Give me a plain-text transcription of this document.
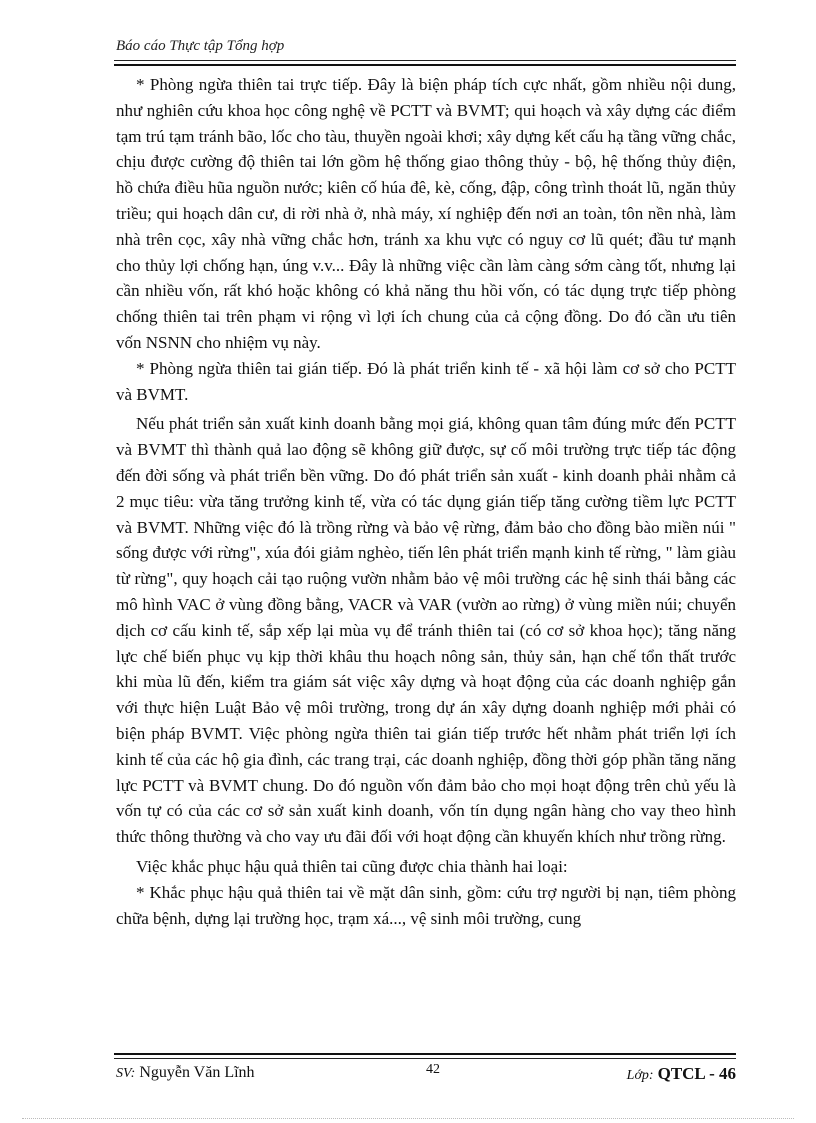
Báo cáo Thực tập Tổng hợp

* Phòng ngừa thiên tai trực tiếp. Đây là biện pháp tích cực nhất, gồm nhiều nội dung, như nghiên cứu khoa học công nghệ về PCTT và BVMT; qui hoạch và xây dựng các điểm tạm trú tạm tránh bão, lốc cho tàu, thuyền ngoài khơi; xây dựng kết cấu hạ tầng vững chắc, chịu được cường độ thiên tai lớn gồm hệ thống giao thông thủy - bộ, hệ thống thủy điện, hồ chứa điều hũa nguồn nước; kiên cố húa đê, kè, cống, đập, công trình thoát lũ, ngăn thủy triều; qui hoạch dân cư, di rời nhà ở, nhà máy, xí nghiệp đến nơi an toàn, tôn nền nhà, làm nhà trên cọc, xây nhà vững chắc hơn, tránh xa khu vực có nguy cơ lũ quét; đầu tư mạnh cho thủy lợi chống hạn, úng v.v... Đây là những việc cần làm càng sớm càng tốt, nhưng lại cần nhiều vốn, rất khó hoặc không có khả năng thu hồi vốn, có tác dụng trực tiếp phòng chống thiên tai trên phạm vi rộng vì lợi ích chung của cả cộng đồng. Do đó cần ưu tiên vốn NSNN cho nhiệm vụ này.

* Phòng ngừa thiên tai gián tiếp. Đó là phát triển kinh tế - xã hội làm cơ sở cho PCTT và BVMT.

Nếu phát triển sản xuất kinh doanh bằng mọi giá, không quan tâm đúng mức đến PCTT và BVMT thì thành quả lao động sẽ không giữ được, sự cố môi trường trực tiếp tác động đến đời sống và phát triển bền vững. Do đó phát triển sản xuất - kinh doanh phải nhằm cả 2 mục tiêu: vừa tăng trưởng kinh tế, vừa có tác dụng gián tiếp tăng cường tiềm lực PCTT và BVMT. Những việc đó là trồng rừng và bảo vệ rừng, đảm bảo cho đồng bào miền núi " sống được với rừng", xúa đói giảm nghèo, tiến lên phát triển mạnh kinh tế rừng, " làm giàu từ rừng", quy hoạch cải tạo ruộng vườn nhằm bảo vệ môi trường các hệ sinh thái bằng các mô hình VAC ở vùng đồng bằng, VACR và VAR (vườn ao rừng) ở vùng miền núi; chuyển dịch cơ cấu kinh tế, sắp xếp lại mùa vụ để tránh thiên tai (có cơ sở khoa học); tăng năng lực chế biến phục vụ kịp thời khâu thu hoạch nông sản, thủy sản, hạn chế tổn thất trước khi mùa lũ đến, kiểm tra giám sát việc xây dựng và hoạt động của các doanh nghiệp gắn với thực hiện Luật Bảo vệ môi trường, trong dự án xây dựng doanh nghiệp mới phải có biện pháp BVMT. Việc phòng ngừa thiên tai gián tiếp trước hết nhằm phát triển lợi ích kinh tế của các hộ gia đình, các trang trại, các doanh nghiệp, đồng thời góp phần tăng năng lực PCTT và BVMT chung. Do đó nguồn vốn đảm bảo cho mọi hoạt động trên chủ yếu là vốn tự có của các cơ sở sản xuất kinh doanh, vốn tín dụng ngân hàng cho vay theo hình thức thông thường và cho vay ưu đãi đối với hoạt động cần khuyến khích như trồng rừng.

Việc khắc phục hậu quả thiên tai cũng được chia thành hai loại:

* Khắc phục hậu quả thiên tai về mặt dân sinh, gồm: cứu trợ người bị nạn, tiêm phòng chữa bệnh, dựng lại trường học, trạm xá..., vệ sinh môi trường, cung

SV: Nguyễn Văn Lĩnh	42	Lớp: QTCL - 46
